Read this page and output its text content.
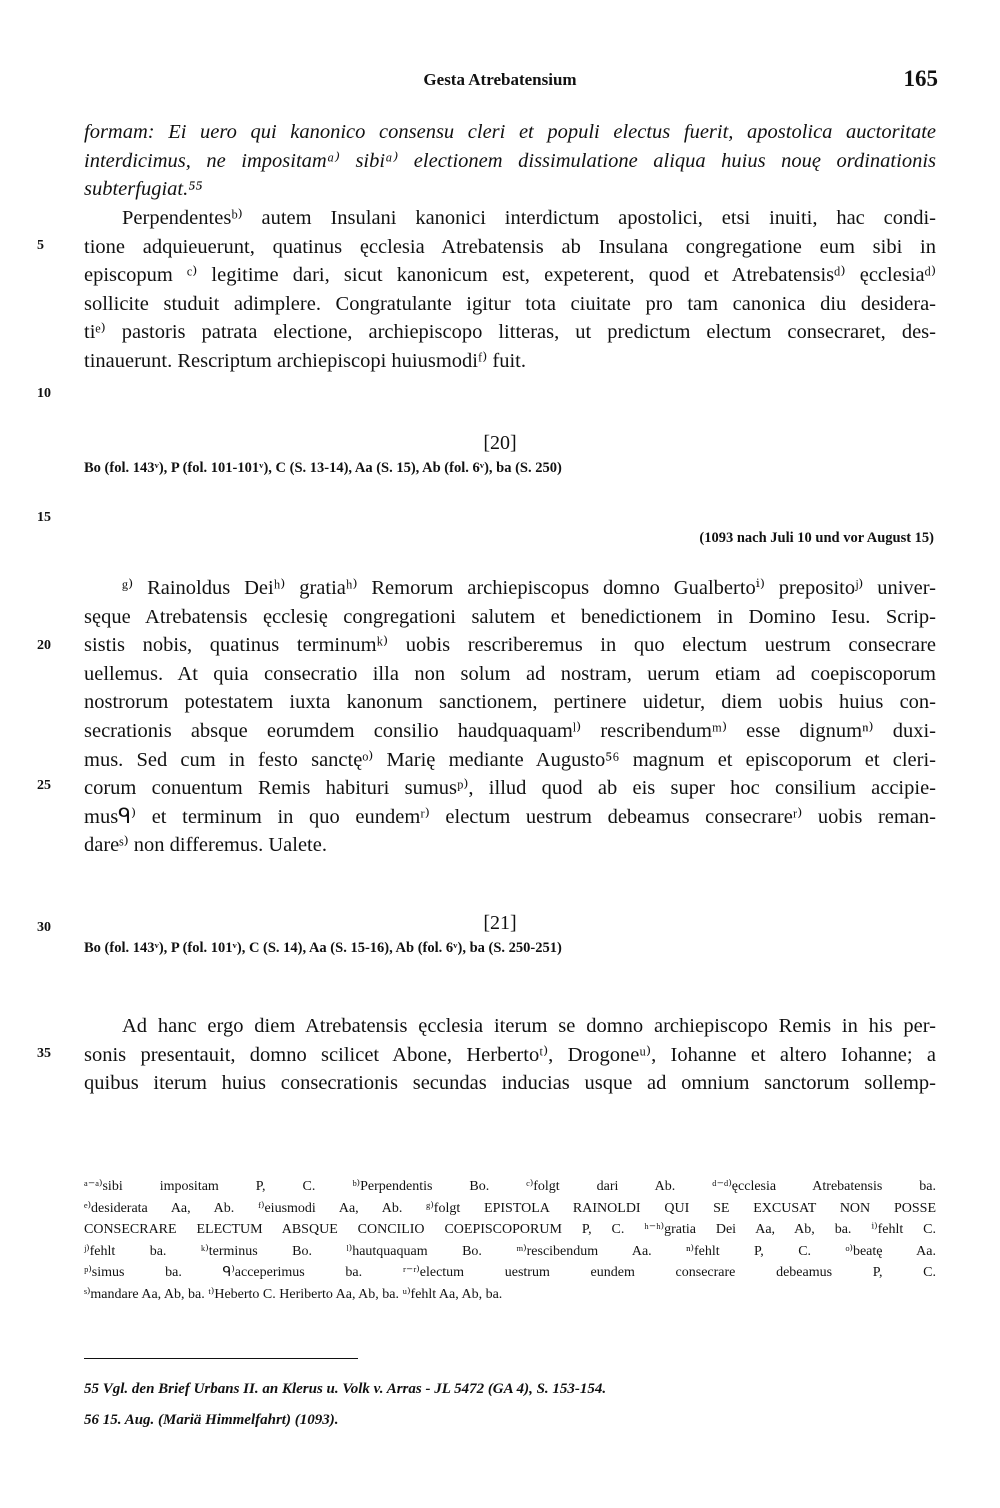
Gesta Atrebatensium	165
5
10
15
20
25
30
35
formam: Ei uero qui kanonico consensu cleri et populi electus fuerit, apostolica auctoritate
interdicimus, ne impositamᵃ⁾ sibiᵃ⁾ electionem dissimulatione aliqua huius nouę ordinationis
subterfugiat.⁵⁵
Perpendentesᵇ⁾ autem Insulani kanonici interdictum apostolici, etsi inuiti, hac condi-
tione adquieuerunt, quatinus ęcclesia Atrebatensis ab Insulana congregatione eum sibi in
episcopum ᶜ⁾ legitime dari, sicut kanonicum est, expeterent, quod et Atrebatensisᵈ⁾ ęcclesiaᵈ⁾
sollicite studuit adimplere. Congratulante igitur tota ciuitate pro tam canonica diu desidera-
tiᵉ⁾ pastoris patrata electione, archiepiscopo litteras, ut predictum electum consecraret, des-
tinauerunt. Rescriptum archiepiscopi huiusmodiᶠ⁾ fuit.
[20]
Bo (fol. 143ᵛ), P (fol. 101-101ᵛ), C (S. 13-14), Aa (S. 15), Ab (fol. 6ᵛ), ba (S. 250)
(1093 nach Juli 10 und vor August 15)
ᵍ⁾ Rainoldus Deiʰ⁾ gratiaʰ⁾ Remorum archiepiscopus domno Gualbertoⁱ⁾ prepositoʲ⁾ univer-
sęque Atrebatensis ęcclesię congregationi salutem et benedictionem in Domino Iesu. Scrip-
sistis nobis, quatinus terminumᵏ⁾ uobis rescriberemus in quo electum uestrum consecrare
uellemus. At quia consecratio illa non solum ad nostram, uerum etiam ad coepiscoporum
nostrorum potestatem iuxta kanonum sanctionem, pertinere uidetur, diem uobis huius con-
secrationis absque eorumdem consilio haudquaquamˡ⁾ rescribendumᵐ⁾ esse dignumⁿ⁾ duxi-
mus. Sed cum in festo sanctęᵒ⁾ Marię mediante Augusto⁵⁶ magnum et episcoporum et cleri-
corum conuentum Remis habituri sumusᵖ⁾, illud quod ab eis super hoc consilium accipie-
musᑫ⁾ et terminum in quo eundemʳ⁾ electum uestrum debeamus consecrareʳ⁾ uobis reman-
dareˢ⁾ non differemus. Ualete.
[21]
Bo (fol. 143ᵛ), P (fol. 101ᵛ), C (S. 14), Aa (S. 15-16), Ab (fol. 6ᵛ), ba (S. 250-251)
Ad hanc ergo diem Atrebatensis ęcclesia iterum se domno archiepiscopo Remis in his per-
sonis presentauit, domno scilicet Abone, Herbertoᵗ⁾, Drogoneᵘ⁾, Iohanne et altero Iohanne; a
quibus iterum huius consecrationis secundas inducias usque ad omnium sanctorum sollemp-
ᵃ⁻ᵃ⁾sibi impositam P, C. ᵇ⁾Perpendentis Bo. ᶜ⁾folgt dari Ab. ᵈ⁻ᵈ⁾ęcclesia Atrebatensis ba.
ᵉ⁾desiderata Aa, Ab. ᶠ⁾eiusmodi Aa, Ab. ᵍ⁾folgt EPISTOLA RAINOLDI QUI SE EXCUSAT NON POSSE
CONSECRARE ELECTUM ABSQUE CONCILIO COEPISCOPORUM P, C. ʰ⁻ʰ⁾gratia Dei Aa, Ab, ba. ⁱ⁾fehlt C.
ʲ⁾fehlt ba. ᵏ⁾terminus Bo. ˡ⁾hautquaquam Bo. ᵐ⁾rescibendum Aa. ⁿ⁾fehlt P, C. ᵒ⁾beatę Aa.
ᵖ⁾simus ba. ᑫ⁾acceperimus ba. ʳ⁻ʳ⁾electum uestrum eundem consecrare debeamus P, C.
ˢ⁾mandare Aa, Ab, ba. ᵗ⁾Heberto C. Heriberto Aa, Ab, ba. ᵘ⁾fehlt Aa, Ab, ba.
55 Vgl. den Brief Urbans II. an Klerus u. Volk v. Arras - JL 5472 (GA 4), S. 153-154.
56 15. Aug. (Mariä Himmelfahrt) (1093).
